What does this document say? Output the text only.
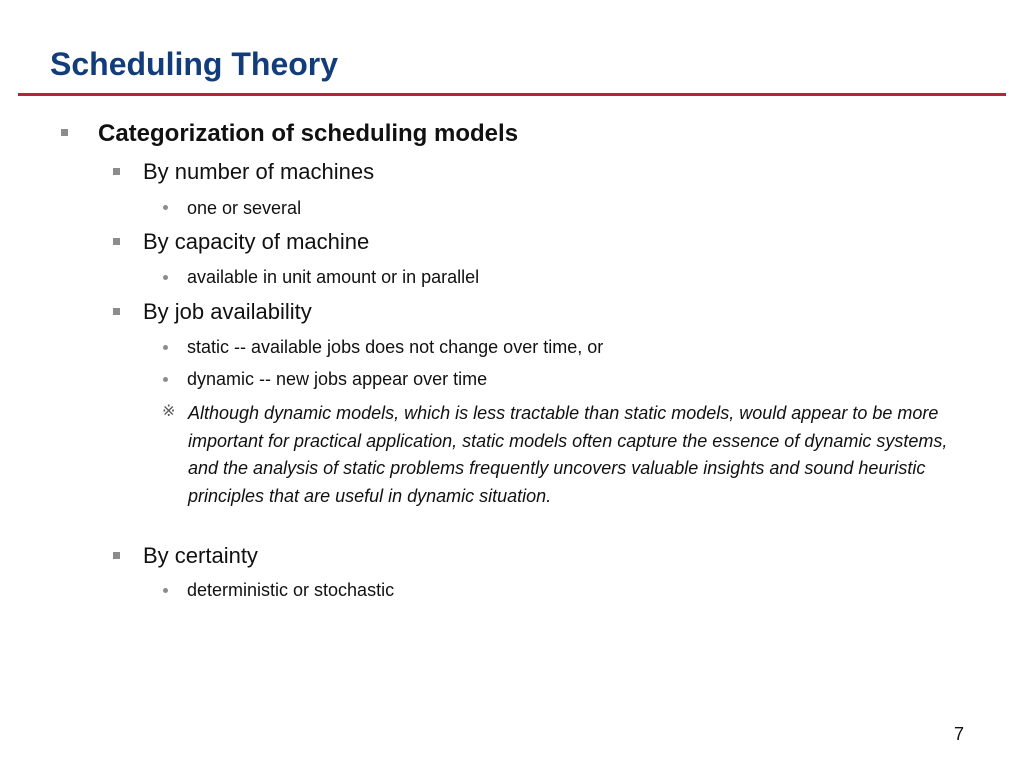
Scheduling Theory
Categorization of scheduling models
By number of machines
one or several
By capacity of machine
available in unit amount or in parallel
By job availability
static -- available jobs does not change over time, or
dynamic -- new jobs appear over time
※ Although dynamic models, which is less tractable than static models, would appear to be more important for practical application, static models often capture the essence of dynamic systems, and the analysis of static problems frequently uncovers valuable insights and sound heuristic principles that are useful in dynamic situation.
By certainty
deterministic or stochastic
7
